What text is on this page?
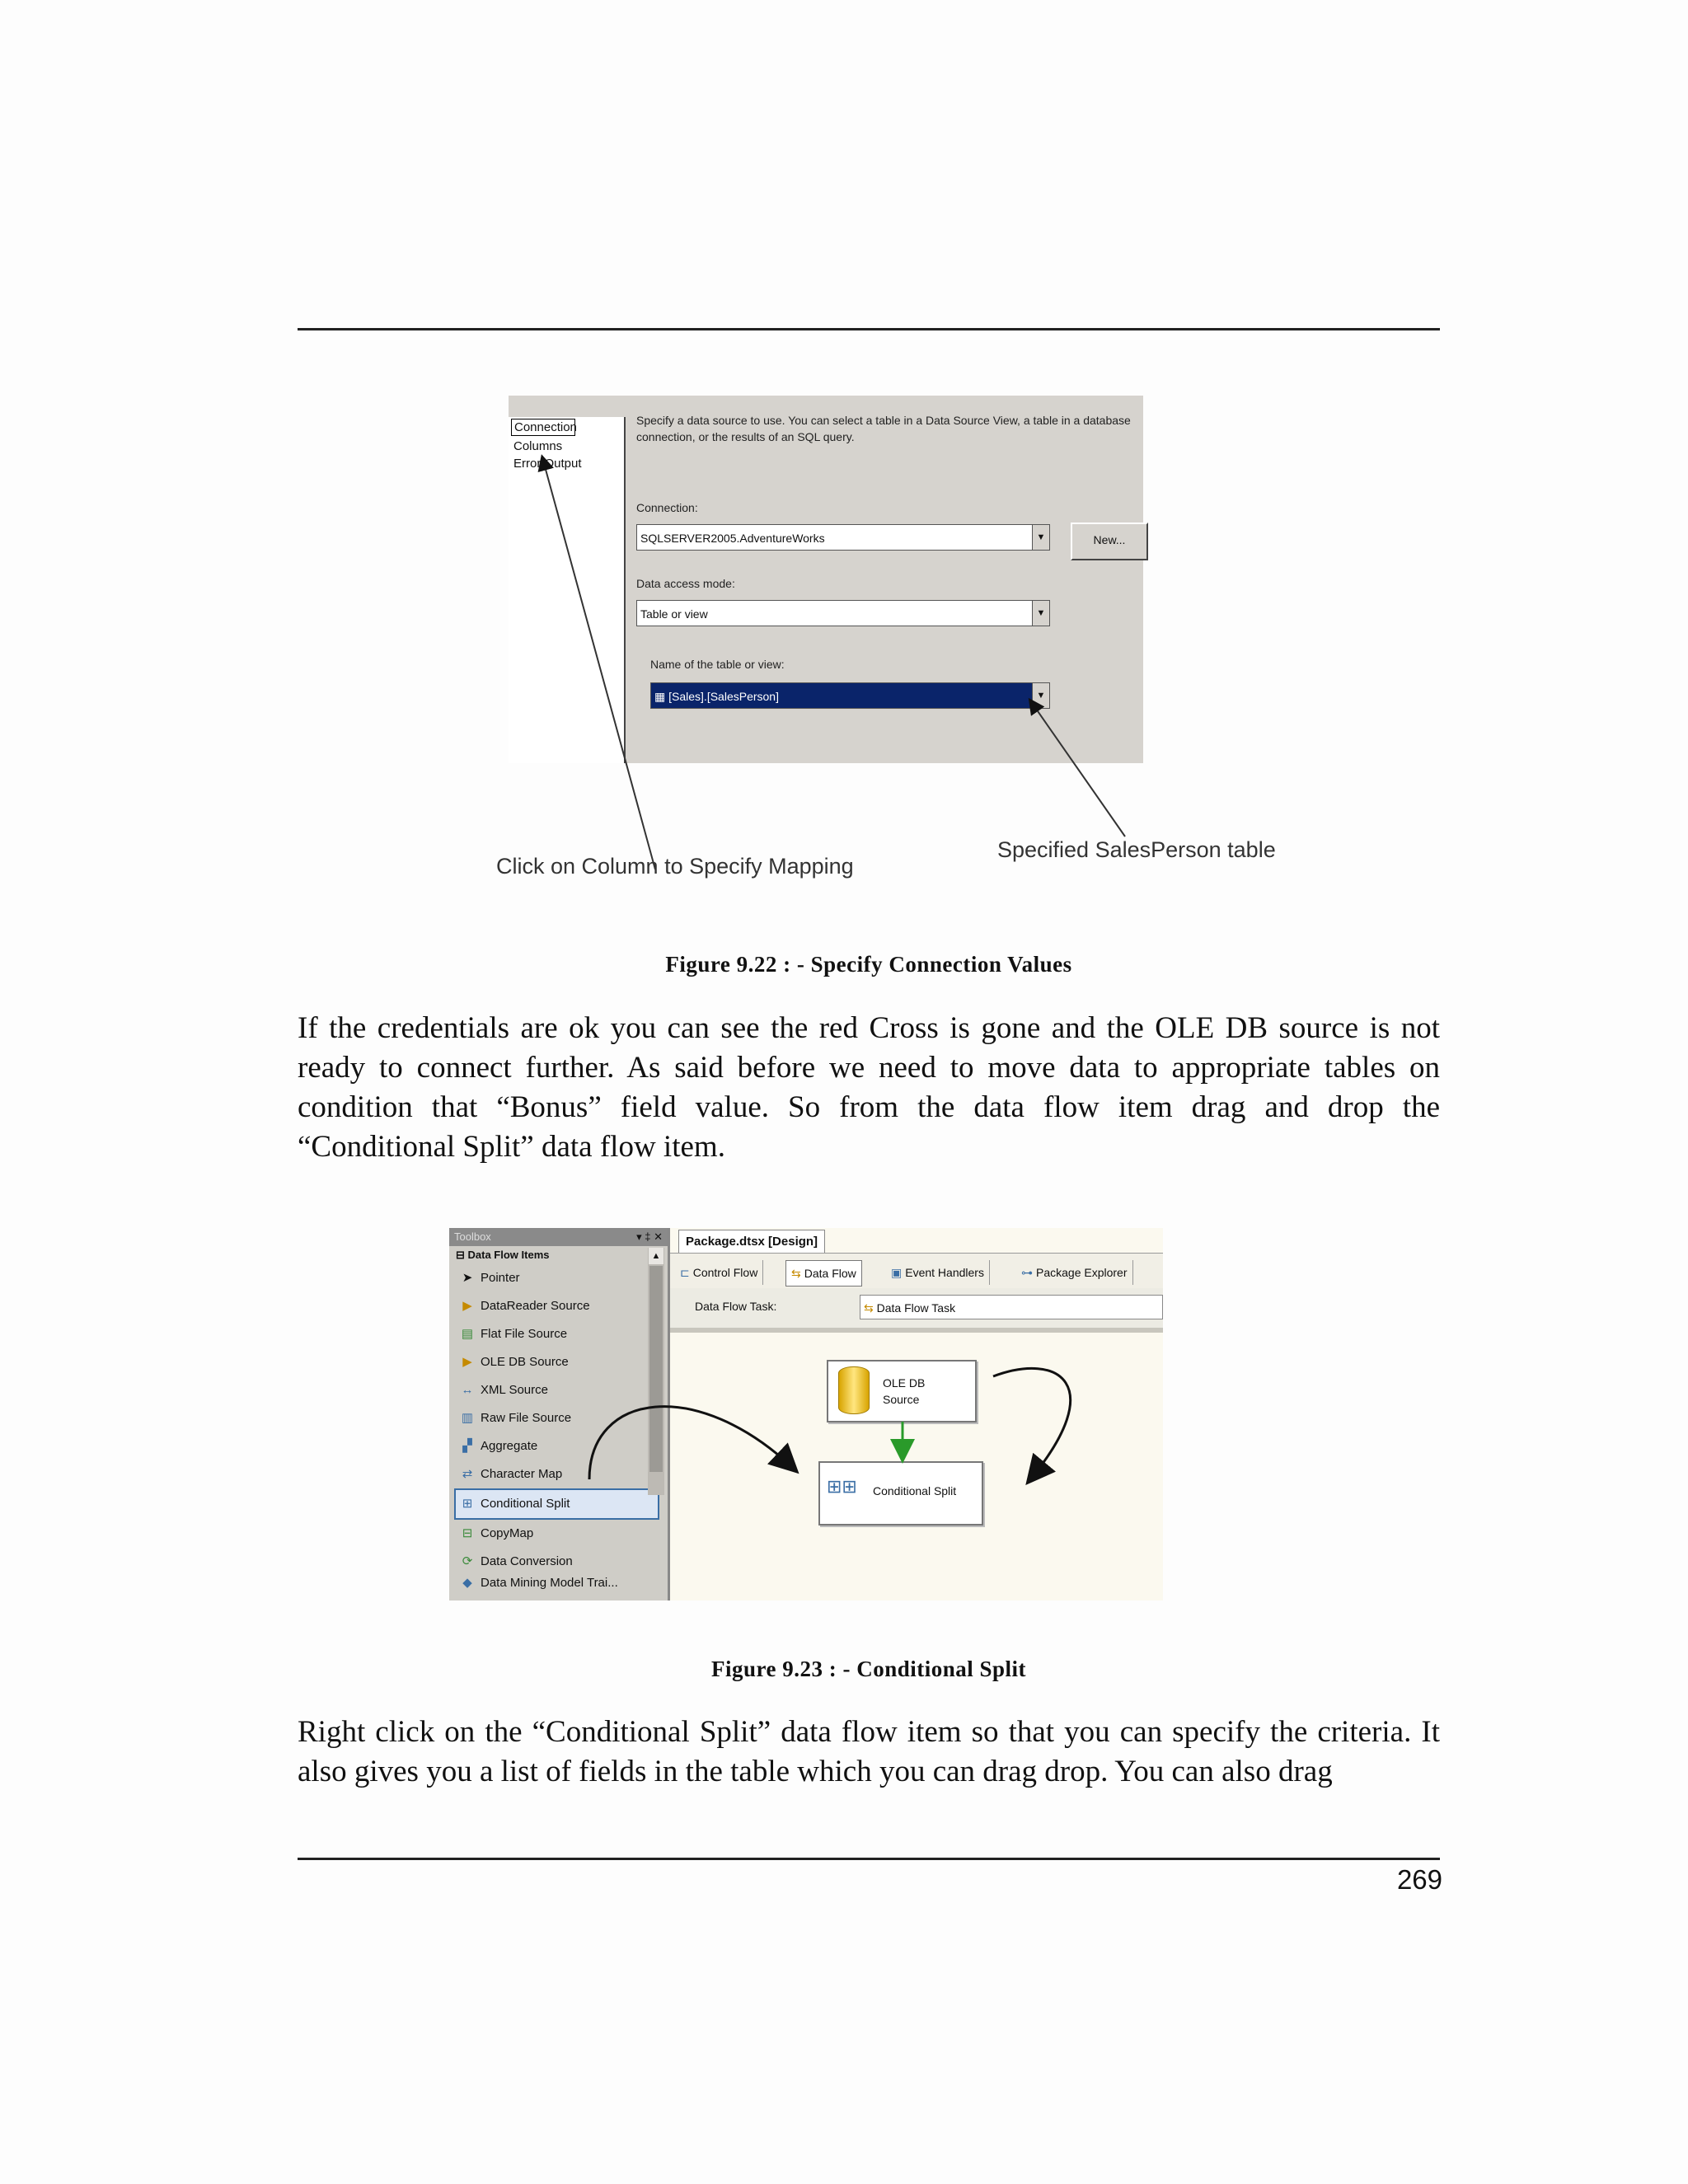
Connection
Columns
Error Output
Specify a data source to use. You can select a table in a Data Source View, a table in a database connection, or the results of an SQL query.
Connection:
SQLSERVER2005.AdventureWorks	▼	New...
Data access mode:
Table or view	▼
Name of the table or view:
▦ [Sales].[SalesPerson]	▼
Click on Column to Specify Mapping
Specified SalesPerson table
Figure 9.22 : - Specify Connection Values
If the credentials are ok you can see the red Cross is gone and the OLE DB source is not ready to connect further. As said before we need to move data to appropriate tables on condition that “Bonus” field value. So from the data flow item drag and drop the “Conditional Split” data flow item.
Toolbox	▾ ‡ ✕
⊟ Data Flow Items
➤ Pointer
▶ DataReader Source
▤ Flat File Source
▶ OLE DB Source
↔ XML Source
▥ Raw File Source
▞ Aggregate
⇄ Character Map
⊞ Conditional Split
⊟ CopyMap
⟳ Data Conversion
◆ Data Mining Model Trai...
▲
Package.dtsx [Design]
⊏ Control Flow	⇆ Data Flow	▣ Event Handlers	⊶ Package Explorer
Data Flow Task:	⇆ Data Flow Task
OLE DB
Source
⊞⊞ Conditional Split
Figure 9.23 : - Conditional Split
Right click on the “Conditional Split” data flow item so that you can specify the criteria. It also gives you a list of fields in the table which you can drag drop. You can also drag
269
